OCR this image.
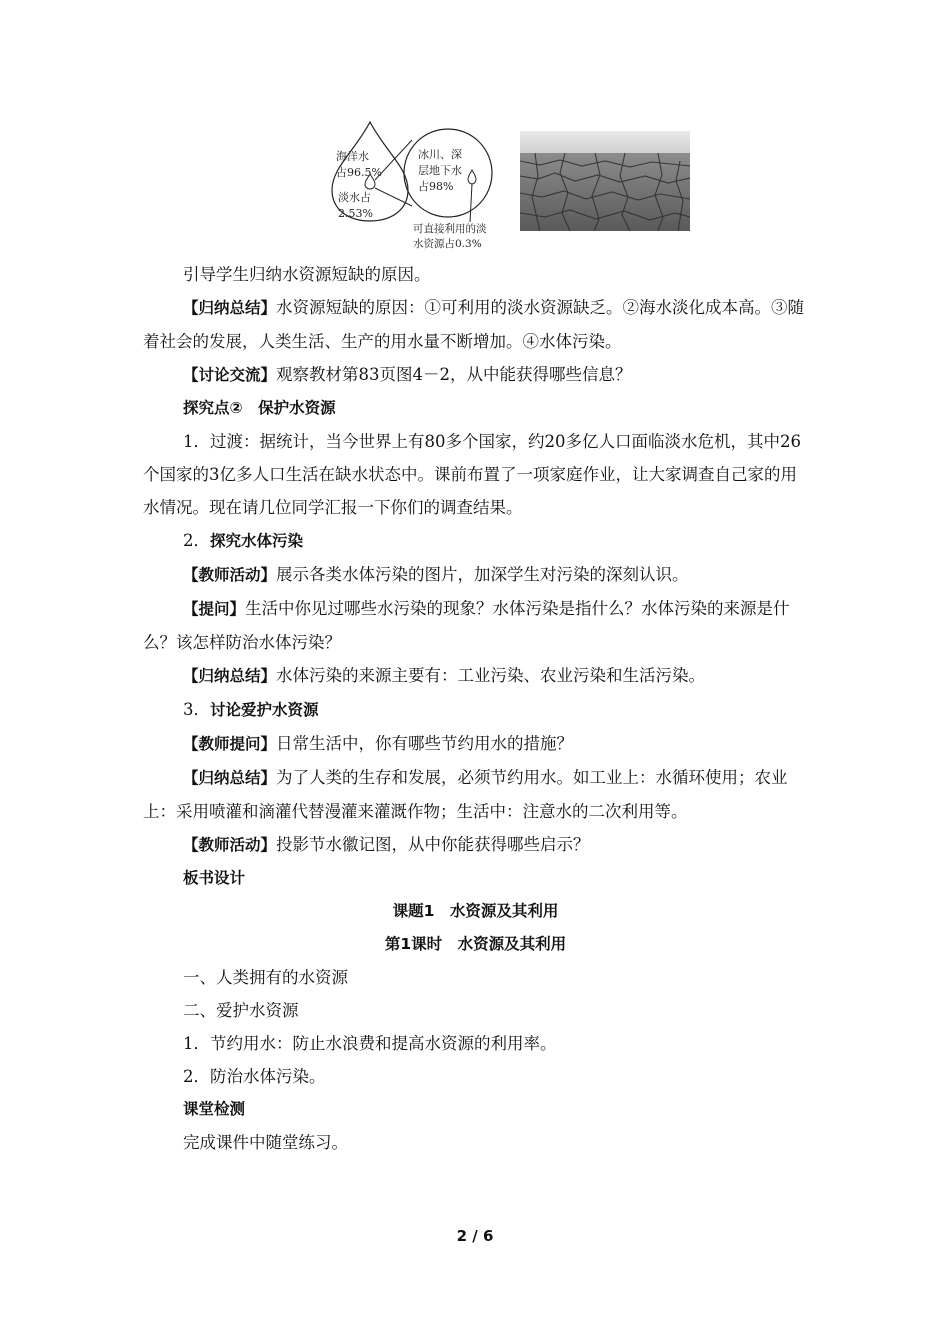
海洋水
占96.5%
淡水占
2.53%
冰川、深
层地下水
占98%
可直接利用的淡
水资源占0.3%

引导学生归纳水资源短缺的原因。

【归纳总结】水资源短缺的原因：①可利用的淡水资源缺乏。②海水淡化成本高。③随着社会的发展，人类生活、生产的用水量不断增加。④水体污染。

【讨论交流】观察教材第83页图4－2，从中能获得哪些信息？

探究点②　保护水资源

1．过渡：据统计，当今世界上有80多个国家，约20多亿人口面临淡水危机，其中26个国家的3亿多人口生活在缺水状态中。课前布置了一项家庭作业，让大家调查自己家的用水情况。现在请几位同学汇报一下你们的调查结果。

2．探究水体污染

【教师活动】展示各类水体污染的图片，加深学生对污染的深刻认识。

【提问】生活中你见过哪些水污染的现象？水体污染是指什么？水体污染的来源是什么？该怎样防治水体污染？

【归纳总结】水体污染的来源主要有：工业污染、农业污染和生活污染。

3．讨论爱护水资源

【教师提问】日常生活中，你有哪些节约用水的措施？

【归纳总结】为了人类的生存和发展，必须节约用水。如工业上：水循环使用；农业上：采用喷灌和滴灌代替漫灌来灌溉作物；生活中：注意水的二次利用等。

【教师活动】投影节水徽记图，从中你能获得哪些启示？

板书设计

课题1　水资源及其利用

第1课时　水资源及其利用

一、人类拥有的水资源

二、爱护水资源

1．节约用水：防止水浪费和提高水资源的利用率。

2．防治水体污染。

课堂检测

完成课件中随堂练习。

2 / 6
